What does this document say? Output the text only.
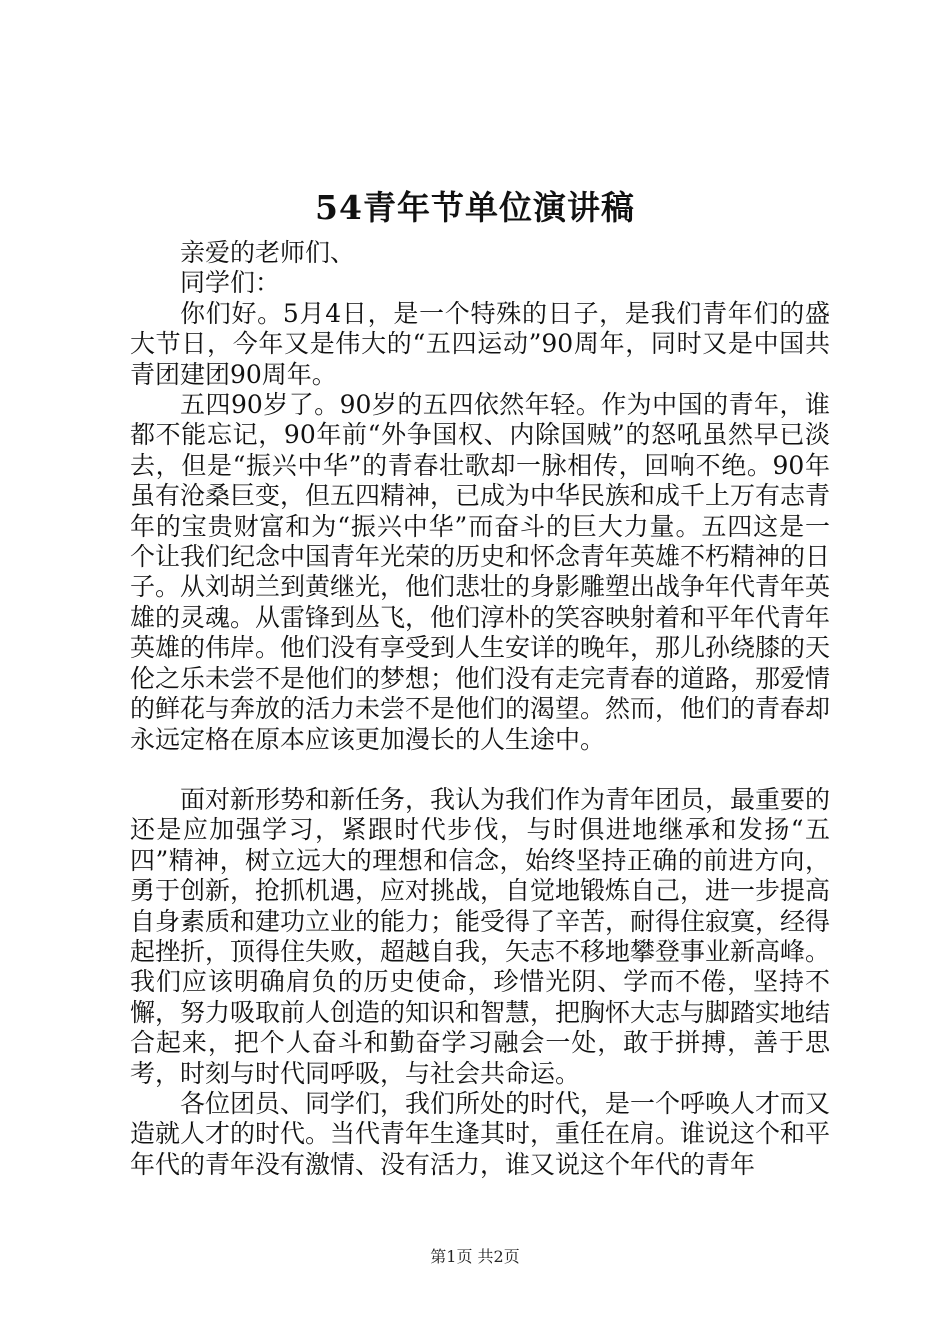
54青年节单位演讲稿

亲爱的老师们、

同学们：

你们好。5月4日，是一个特殊的日子，是我们青年们的盛大节日，今年又是伟大的“五四运动”90周年，同时又是中国共青团建团90周年。

五四90岁了。90岁的五四依然年轻。作为中国的青年，谁都不能忘记，90年前“外争国权、内除国贼”的怒吼虽然早已淡去，但是“振兴中华”的青春壮歌却一脉相传，回响不绝。90年虽有沧桑巨变，但五四精神，已成为中华民族和成千上万有志青年的宝贵财富和为“振兴中华”而奋斗的巨大力量。五四这是一个让我们纪念中国青年光荣的历史和怀念青年英雄不朽精神的日子。从刘胡兰到黄继光，他们悲壮的身影雕塑出战争年代青年英雄的灵魂。从雷锋到丛飞，他们淳朴的笑容映射着和平年代青年英雄的伟岸。他们没有享受到人生安详的晚年，那儿孙绕膝的天伦之乐未尝不是他们的梦想；他们没有走完青春的道路，那爱情的鲜花与奔放的活力未尝不是他们的渴望。然而，他们的青春却永远定格在原本应该更加漫长的人生途中。

面对新形势和新任务，我认为我们作为青年团员，最重要的还是应加强学习，紧跟时代步伐，与时俱进地继承和发扬“五四”精神，树立远大的理想和信念，始终坚持正确的前进方向，勇于创新，抢抓机遇，应对挑战，自觉地锻炼自己，进一步提高自身素质和建功立业的能力；能受得了辛苦，耐得住寂寞，经得起挫折，顶得住失败，超越自我，矢志不移地攀登事业新高峰。我们应该明确肩负的历史使命，珍惜光阴、学而不倦，坚持不懈，努力吸取前人创造的知识和智慧，把胸怀大志与脚踏实地结合起来，把个人奋斗和勤奋学习融会一处，敢于拼搏，善于思考，时刻与时代同呼吸，与社会共命运。

各位团员、同学们，我们所处的时代，是一个呼唤人才而又造就人才的时代。当代青年生逢其时，重任在肩。谁说这个和平年代的青年没有激情、没有活力，谁又说这个年代的青年

第1页 共2页
